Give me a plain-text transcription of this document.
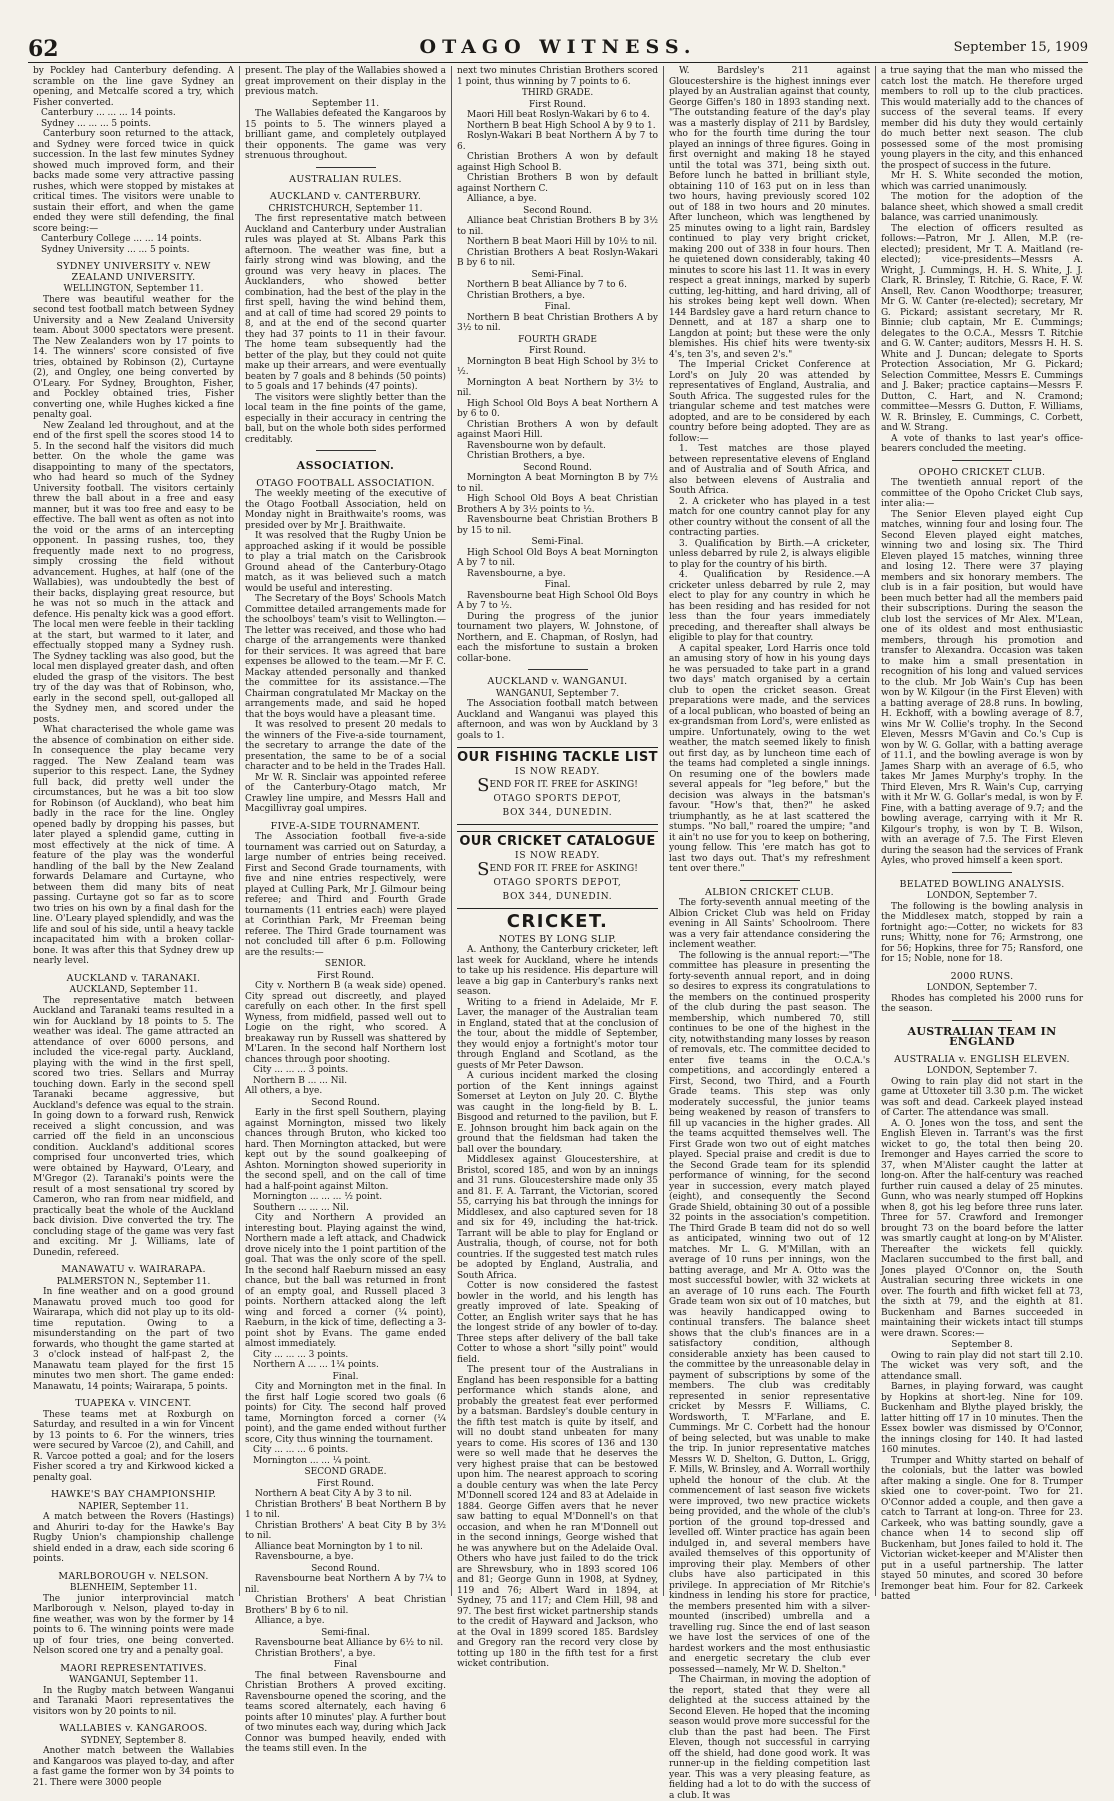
62	OTAGO WITNESS.	September 15, 1909

by Pockley had Canterbury defending. A scramble on the line gave Sydney an opening, and Metcalfe scored a try, which Fisher converted.

Canterbury ... ... ... 14 points.
Sydney ... ... ... 5 points.

Canterbury soon returned to the attack, and Sydney were forced twice in quick succession. In the last few minutes Sydney showed much improved form, and their backs made some very attractive passing rushes, which were stopped by mistakes at critical times. The visitors were unable to sustain their effort, and when the game ended they were still defending, the final score being:—

Canterbury College ... ... 14 points.
Sydney University ... ... 5 points.
SYDNEY UNIVERSITY v. NEW ZEALAND UNIVERSITY.
WELLINGTON, September 11.

There was beautiful weather for the second test football match between Sydney University and a New Zealand University team. About 3000 spectators were present. The New Zealanders won by 17 points to 14. The winners' score consisted of five tries, obtained by Robinson (2), Curtayne (2), and Ongley, one being converted by O'Leary. For Sydney, Broughton, Fisher, and Pockley obtained tries, Fisher converting one, while Hughes kicked a fine penalty goal.

New Zealand led throughout, and at the end of the first spell the scores stood 14 to 5. In the second half the visitors did much better. On the whole the game was disappointing to many of the spectators, who had heard so much of the Sydney University football. The visitors certainly threw the ball about in a free and easy manner, but it was too free and easy to be effective. The ball went as often as not into the void or the arms of an intercepting opponent. In passing rushes, too, they frequently made next to no progress, simply crossing the field without advancement. Hughes, at half (one of the Wallabies), was undoubtedly the best of their backs, displaying great resource, but he was not so much in the attack and defence. His penalty kick was a good effort. The local men were feeble in their tackling at the start, but warmed to it later, and effectually stopped many a Sydney rush. The Sydney tackling was also good, but the local men displayed greater dash, and often eluded the grasp of the visitors. The best try of the day was that of Robinson, who, early in the second spell, out-galloped all the Sydney men, and scored under the posts.

What characterised the whole game was the absence of combination on either side. In consequence the play became very ragged. The New Zealand team was superior to this respect. Lane, the Sydney full back, did pretty well under the circumstances, but he was a bit too slow for Robinson (of Auckland), who beat him badly in the race for the line. Ongley opened badly by dropping his passes, but later played a splendid game, cutting in most effectively at the nick of time. A feature of the play was the wonderful handling of the ball by the New Zealand forwards Delamare and Curtayne, who between them did many bits of neat passing. Curtayne got so far as to score two tries on his own by a final dash for the line. O'Leary played splendidly, and was the life and soul of his side, until a heavy tackle incapacitated him with a broken collar-bone. It was after this that Sydney drew up nearly level.

AUCKLAND v. TARANAKI.
AUCKLAND, September 11.

The representative match between Auckland and Taranaki teams resulted in a win for Auckland by 18 points to 5. The weather was ideal. The game attracted an attendance of over 6000 persons, and included the vice-regal party. Auckland, playing with the wind in the first spell, scored two tries. Sellars and Murray touching down. Early in the second spell Taranaki became aggressive, but Auckland's defence was equal to the strain. In going down to a forward rush, Renwick received a slight concussion, and was carried off the field in an unconscious condition. Auckland's additional scores comprised four unconverted tries, which were obtained by Hayward, O'Leary, and M'Gregor (2). Taranaki's points were the result of a most sensational try scored by Cameron, who ran from near midfield, and practically beat the whole of the Auckland back division. Dive converted the try. The concluding stage of the game was very fast and exciting. Mr J. Williams, late of Dunedin, refereed.

MANAWATU v. WAIRARAPA.
PALMERSTON N., September 11.

In fine weather and on a good ground Manawatu proved much too good for Wairarapa, which did not play up to its old-time reputation. Owing to a misunderstanding on the part of two forwards, who thought the game started at 3 o'clock instead of half-past 2, the Manawatu team played for the first 15 minutes two men short. The game ended: Manawatu, 14 points; Wairarapa, 5 points.

TUAPEKA v. VINCENT.

These teams met at Roxburgh on Saturday, and resulted in a win for Vincent by 13 points to 6. For the winners, tries were secured by Varcoe (2), and Cahill, and R. Varcoe potted a goal; and for the losers Fisher scored a try and Kirkwood kicked a penalty goal.

HAWKE'S BAY CHAMPIONSHIP.
NAPIER, September 11.

A match between the Rovers (Hastings) and Ahuriri to-day for the Hawke's Bay Rugby Union's championship challenge shield ended in a draw, each side scoring 6 points.

MARLBOROUGH v. NELSON.
BLENHEIM, September 11.

The junior interprovincial match Marlborough v. Nelson, played to-day in fine weather, was won by the former by 14 points to 6. The winning points were made up of four tries, one being converted. Nelson scored one try and a penalty goal.

MAORI REPRESENTATIVES.
WANGANUI, September 11.

In the Rugby match between Wanganui and Taranaki Maori representatives the visitors won by 20 points to nil.

WALLABIES v. KANGAROOS.
SYDNEY, September 8.

Another match between the Wallabies and Kangaroos was played to-day, and after a fast game the former won by 34 points to 21. There were 3000 people

present. The play of the Wallabies showed a great improvement on their display in the previous match.

September 11.

The Wallabies defeated the Kangaroos by 15 points to 5. The winners played a brilliant game, and completely outplayed their opponents. The game was very strenuous throughout.

AUSTRALIAN RULES.
AUCKLAND v. CANTERBURY.
CHRISTCHURCH, September 11.

The first representative match between Auckland and Canterbury under Australian rules was played at St. Albans Park this afternoon. The weather was fine, but a fairly strong wind was blowing, and the ground was very heavy in places. The Aucklanders, who showed better combination, had the best of the play in the first spell, having the wind behind them, and at call of time had scored 29 points to 8, and at the end of the second quarter they had 37 points to 11 in their favour. The home team subsequently had the better of the play, but they could not quite make up their arrears, and were eventually beaten by 7 goals and 8 behinds (50 points) to 5 goals and 17 behinds (47 points).

The visitors were slightly better than the local team in the fine points of the game, especially in their accuracy in centring the ball, but on the whole both sides performed creditably.

ASSOCIATION.
OTAGO FOOTBALL ASSOCIATION.

The weekly meeting of the executive of the Otago Football Association, held on Monday night in Braithwaite's rooms, was presided over by Mr J. Braithwaite.

It was resolved that the Rugby Union be approached asking if it would be possible to play a trial match on the Carisbrook Ground ahead of the Canterbury-Otago match, as it was believed such a match would be useful and interesting.

The Secretary of the Boys' Schools Match Committee detailed arrangements made for the schoolboys' team's visit to Wellington.—The letter was received, and those who had charge of the arrangements were thanked for their services. It was agreed that bare expenses be allowed to the team.—Mr F. C. Mackay attended personally and thanked the committee for its assistance.—The Chairman congratulated Mr Mackay on the arrangements made, and said he hoped that the boys would have a pleasant time.

It was resolved to present 20 medals to the winners of the Five-a-side tournament, the secretary to arrange the date of the presentation, the same to be of a social character and to be held in the Trades Hall.

Mr W. R. Sinclair was appointed referee of the Canterbury-Otago match, Mr Crawley line umpire, and Messrs Hall and Macgillivray goal umpires.

FIVE-A-SIDE TOURNAMENT.

The Association football five-a-side tournament was carried out on Saturday, a large number of entries being received. First and Second Grade tournaments, with five and nine entries respectively, were played at Culling Park, Mr J. Gilmour being referee; and Third and Fourth Grade tournaments (11 entries each) were played at Corinthian Park, Mr Freeman being referee. The Third Grade tournament was not concluded till after 6 p.m. Following are the results:—

SENIOR.
First Round.

City v. Northern B (a weak side) opened. City spread out discreetly, and played carefully on each other. In the first spell Wyness, from midfield, passed well out to Logie on the right, who scored. A breakaway run by Russell was shattered by M'Laren. In the second half Northern lost chances through poor shooting.

City ... ... ... 3 points.
Northern B ... ... Nil.

All others, a bye.

Second Round.

Early in the first spell Southern, playing against Mornington, missed two likely chances through Bruton, who kicked too hard. Then Mornington attacked, but were kept out by the sound goalkeeping of Ashton. Mornington showed superiority in the second spell, and on the call of time had a half-point against Milton.

Mornington ... ... ... ½ point.
Southern ... ... ... Nil.

City and Northern A provided an interesting bout. Playing against the wind, Northern made a left attack, and Chadwick drove nicely into the 1 point partition of the goal. That was the only score of the spell. In the second half Raeburn missed an easy chance, but the ball was returned in front of an empty goal, and Russell placed 3 points. Northern attacked along the left wing and forced a corner (¼ point), Raeburn, in the kick of time, deflecting a 3-point shot by Evans. The game ended almost immediately.

City ... ... ... 3 points.
Northern A ... ... 1¼ points.
Final.

City and Mornington met in the final. In the first half Logie scored two goals (6 points) for City. The second half proved tame, Mornington forced a corner (¼ point), and the game ended without further score, City thus winning the tournament.

City ... ... ... 6 points.
Mornington ... ... ¼ point.
SECOND GRADE.
First Round.

Northern A beat City A by 3 to nil.

Christian Brothers' B beat Northern B by 1 to nil.

Christian Brothers' A beat City B by 3½ to nil.

Alliance beat Mornington by 1 to nil.

Ravensbourne, a bye.

Second Round.

Ravensbourne beat Northern A by 7¼ to nil.

Christian Brothers' A beat Christian Brothers' B by 6 to nil.

Alliance, a bye.

Semi-final.

Ravensbourne beat Alliance by 6½ to nil.

Christian Brothers', a bye.

Final

The final between Ravensbourne and Christian Brothers A proved exciting. Ravensbourne opened the scoring, and the teams scored alternately, each having 6 points after 10 minutes' play. A further bout of two minutes each way, during which Jack Connor was bumped heavily, ended with the teams still even. In the

next two minutes Christian Brothers scored 1 point, thus winning by 7 points to 6.

THIRD GRADE.
First Round.

Maori Hill beat Roslyn-Wakari by 6 to 4.

Northern B beat High School A by 9 to 1.

Roslyn-Wakari B beat Northern A by 7 to 6.

Christian Brothers A won by default against High School B.

Christian Brothers B won by default against Northern C.

Alliance, a bye.

Second Round.

Alliance beat Christian Brothers B by 3½ to nil.

Northern B beat Maori Hill by 10½ to nil.

Christian Brothers A beat Roslyn-Wakari B by 6 to nil.

Semi-Final.

Northern B beat Alliance by 7 to 6.

Christian Brothers, a bye.

Final.

Northern B beat Christian Brothers A by 3½ to nil.

FOURTH GRADE
First Round.

Mornington B beat High School by 3½ to ½.

Mornington A beat Northern by 3½ to nil.

High School Old Boys A beat Northern A by 6 to 0.

Christian Brothers A won by default against Maori Hill.

Ravensbourne won by default.

Christian Brothers, a bye.

Second Round.

Mornington A beat Mornington B by 7½ to nil.

High School Old Boys A beat Christian Brothers A by 3½ points to ½.

Ravensbourne beat Christian Brothers B by 15 to nil.

Semi-Final.

High School Old Boys A beat Mornington A by 7 to nil.

Ravensbourne, a bye.

Final.

Ravensbourne beat High School Old Boys A by 7 to ½.

During the progress of the junior tournament two players, W. Johnstone, of Northern, and E. Chapman, of Roslyn, had each the misfortune to sustain a broken collar-bone.

AUCKLAND v. WANGANUI.
WANGANUI, September 7.

The Association football match between Auckland and Wanganui was played this afternoon, and was won by Auckland by 3 goals to 1.

OUR FISHING TACKLE LIST
IS NOW READY.
SEND FOR IT. FREE for ASKING!
OTAGO SPORTS DEPOT,
BOX 344, DUNEDIN.
OUR CRICKET CATALOGUE
IS NOW READY.
SEND FOR IT. FREE for ASKING!
OTAGO SPORTS DEPOT,
BOX 344, DUNEDIN.
CRICKET.
NOTES BY LONG SLIP.

A. Anthony, the Canterbury cricketer, left last week for Auckland, where he intends to take up his residence. His departure will leave a big gap in Canterbury's ranks next season.

Writing to a friend in Adelaide, Mr F. Laver, the manager of the Australian team in England, stated that at the conclusion of the tour, about the middle of September, they would enjoy a fortnight's motor tour through England and Scotland, as the guests of Mr Peter Dawson.

A curious incident marked the closing portion of the Kent innings against Somerset at Leyton on July 20. C. Blythe was caught in the long-field by B. L. Bisgood and returned to the pavilion, but F. E. Johnson brought him back again on the ground that the fieldsman had taken the ball over the boundary.

Middlesex against Gloucestershire, at Bristol, scored 185, and won by an innings and 31 runs. Gloucestershire made only 35 and 81. F. A. Tarrant, the Victorian, scored 55, carrying his bat through the innings for Middlesex, and also captured seven for 18 and six for 49, including the hat-trick. Tarrant will be able to play for England or Australia, though, of course, not for both countries. If the suggested test match rules be adopted by England, Australia, and South Africa.

Cotter is now considered the fastest bowler in the world, and his length has greatly improved of late. Speaking of Cotter, an English writer says that he has the longest stride of any bowler of to-day. Three steps after delivery of the ball take Cotter to whose a short "silly point" would field.

The present tour of the Australians in England has been responsible for a batting performance which stands alone, and probably the greatest feat ever performed by a batsman. Bardsley's double century in the fifth test match is quite by itself, and will no doubt stand unbeaten for many years to come. His scores of 136 and 130 were so well made that he deserves the very highest praise that can be bestowed upon him. The nearest approach to scoring a double century was when the late Percy M'Donnell scored 124 and 83 at Adelaide in 1884. George Giffen avers that he never saw batting to equal M'Donnell's on that occasion, and when he ran M'Donnell out in the second innings, George wished that he was anywhere but on the Adelaide Oval. Others who have just failed to do the trick are Shrewsbury, who in 1893 scored 106 and 81; George Gunn in 1908, at Sydney, 119 and 76; Albert Ward in 1894, at Sydney, 75 and 117; and Clem Hill, 98 and 97. The best first wicket partnership stands to the credit of Hayward and Jackson, who at the Oval in 1899 scored 185. Bardsley and Gregory ran the record very close by totting up 180 in the fifth test for a first wicket contribution.

W. Bardsley's 211 against Gloucestershire is the highest innings ever played by an Australian against that county, George Giffen's 180 in 1893 standing next. "The outstanding feature of the day's play was a masterly display of 211 by Bardsley, who for the fourth time during the tour played an innings of three figures. Going in first overnight and making 18 he stayed until the total was 371, being sixth out. Before lunch he batted in brilliant style, obtaining 110 of 163 put on in less than two hours, having previously scored 102 out of 188 in two hours and 20 minutes. After luncheon, which was lengthened by 25 minutes owing to a light rain, Bardsley continued to play very bright cricket, making 200 out of 338 in four hours. Then he quietened down considerably, taking 40 minutes to score his last 11. It was in every respect a great innings, marked by superb cutting, leg-hitting, and hard driving, all of his strokes being kept well down. When 144 Bardsley gave a hard return chance to Dennett, and at 187 a sharp one to Langdon at point; but these were the only blemishes. His chief hits were twenty-six 4's, ten 3's, and seven 2's."

The Imperial Cricket Conference at Lord's on July 20 was attended by representatives of England, Australia, and South Africa. The suggested rules for the triangular scheme and test matches were adopted, and are to be considered by each country before being adopted. They are as follow:—

1. Test matches are those played between representative elevens of England and of Australia and of South Africa, and also between elevens of Australia and South Africa.

2. A cricketer who has played in a test match for one country cannot play for any other country without the consent of all the contracting parties.

3. Qualification by Birth.—A cricketer, unless debarred by rule 2, is always eligible to play for the country of his birth.

4. Qualification by Residence.—A cricketer unless debarred by rule 2, may elect to play for any country in which he has been residing and has resided for not less than the four years immediately preceding, and thereafter shall always be eligible to play for that country.

A capital speaker, Lord Harris once told an amusing story of how in his young days he was persuaded to take part in a grand two days' match organised by a certain club to open the cricket season. Great preparations were made, and the services of a local publican, who boasted of being an ex-grandsman from Lord's, were enlisted as umpire. Unfortunately, owing to the wet weather, the match seemed likely to finish out first day, as by luncheon time each of the teams had completed a single innings. On resuming one of the bowlers made several appeals for "leg before," but the decision was always in the batsman's favour. "How's that, then?" he asked triumphantly, as he at last scattered the stumps. "No ball," roared the umpire; "and it ain't no use for you to keep on bothering, young fellow. This 'ere match has got to last two days out. That's my refreshment tent over there."

ALBION CRICKET CLUB.

The forty-seventh annual meeting of the Albion Cricket Club was held on Friday evening in All Saints' Schoolroom. There was a very fair attendance considering the inclement weather.

The following is the annual report:—"The committee has pleasure in presenting the forty-seventh annual report, and in doing so desires to express its congratulations to the members on the continued prosperity of the club during the past season. The membership, which numbered 70, still continues to be one of the highest in the city, notwithstanding many losses by reason of removals, etc. The committee decided to enter five teams in the O.C.A.'s competitions, and accordingly entered a First, Second, two Third, and a Fourth Grade teams. This step was only moderately successful, the junior teams being weakened by reason of transfers to fill up vacancies in the higher grades. All the teams acquitted themselves well. The First Grade won two out of eight matches played. Special praise and credit is due to the Second Grade team for its splendid performance of winning, for the second year in succession, every match played (eight), and consequently the Second Grade Shield, obtaining 30 out of a possible 32 points in the association's competition. The Third Grade B team did not do so well as anticipated, winning two out of 12 matches. Mr L. G. M'Millan, with an average of 10 runs per innings, won the batting average, and Mr A. Otto was the most successful bowler, with 32 wickets at an average of 10 runs each. The Fourth Grade team won six out of 10 matches, but was heavily handicapped owing to continual transfers. The balance sheet shows that the club's finances are in a satisfactory condition, although considerable anxiety has been caused to the committee by the unreasonable delay in payment of subscriptions by some of the members. The club was creditably represented in senior representative cricket by Messrs F. Williams, C. Wordsworth, T. M'Farlane, and E. Cummings. Mr C. Corbett had the honour of being selected, but was unable to make the trip. In junior representative matches Messrs W. D. Shelton, G. Dutton, L. Grigg, F. Mills, W. Brinsley, and A. Worrall worthily upheld the honour of the club. At the commencement of last season five wickets were improved, two new practice wickets being provided, and the whole of the club's portion of the ground top-dressed and levelled off. Winter practice has again been indulged in, and several members have availed themselves of this opportunity of improving their play. Members of other clubs have also participated in this privilege. In appreciation of Mr Ritchie's kindness in lending his store for practice, the members presented him with a silver-mounted (inscribed) umbrella and a travelling rug. Since the end of last season we have lost the services of one of the hardest workers and the most enthusiastic and energetic secretary the club ever possessed—namely, Mr W. D. Shelton."

The Chairman, in moving the adoption of the report, stated that they were all delighted at the success attained by the Second Eleven. He hoped that the incoming season would prove more successful for the club than the past had been. The First Eleven, though not successful in carrying off the shield, had done good work. It was runner-up in the fielding competition last year. This was a very pleasing feature, as fielding had a lot to do with the success of a club. It was

a true saying that the man who missed the catch lost the match. He therefore urged members to roll up to the club practices. This would materially add to the chances of success of the several teams. If every member did his duty they would certainly do much better next season. The club possessed some of the most promising young players in the city, and this enhanced the prospect of success in the future.

Mr H. S. White seconded the motion, which was carried unanimously.

The motion for the adoption of the balance sheet, which showed a small credit balance, was carried unanimously.

The election of officers resulted as follows:—Patron, Mr J. Allen, M.P. (re-elected); president, Mr T. A. Maitland (re-elected); vice-presidents—Messrs A. Wright, J. Cummings, H. H. S. White, J. J. Clark, R. Brinsley, T. Ritchie, G. Race, F. W. Ansell, Rev. Canon Woodthorpe; treasurer, Mr G. W. Canter (re-elected); secretary, Mr G. Pickard; assistant secretary, Mr R. Binnie; club captain, Mr E. Cummings; delegates to the O.C.A., Messrs T. Ritchie and G. W. Canter; auditors, Messrs H. H. S. White and J. Duncan; delegate to Sports Protection Association, Mr G. Pickard; Selection Committee, Messrs E. Cummings and J. Baker; practice captains—Messrs F. Dutton, C. Hart, and N. Cramond; committee—Messrs G. Dutton, F. Williams, W. R. Brinsley, E. Cummings, C. Corbett, and W. Strang.

A vote of thanks to last year's office-bearers concluded the meeting.

OPOHO CRICKET CLUB.

The twentieth annual report of the committee of the Opoho Cricket Club says, inter alia:—

The Senior Eleven played eight Cup matches, winning four and losing four. The Second Eleven played eight matches, winning two and losing six. The Third Eleven played 15 matches, winning three and losing 12. There were 37 playing members and six honorary members. The club is in a fair position, but would have been much better had all the members paid their subscriptions. During the season the club lost the services of Mr Alex. M'Lean, one of its oldest and most enthusiastic members, through his promotion and transfer to Alexandra. Occasion was taken to make him a small presentation in recognition of his long and valued services to the club. Mr Job Wain's Cup has been won by W. Kilgour (in the First Eleven) with a batting average of 28.8 runs. In bowling, H. Eckhoff, with a bowling average of 8.7, wins Mr W. Collie's trophy. In the Second Eleven, Messrs M'Gavin and Co.'s Cup is won by W. G. Gollar, with a batting average of 11.1, and the bowling average is won by James Sharp with an average of 6.5, who takes Mr James Murphy's trophy. In the Third Eleven, Mrs R. Wain's Cup, carrying with it Mr W. G. Gollar's medal, is won by F. Fine, with a batting average of 9.7; and the bowling average, carrying with it Mr R. Kilgour's trophy, is won by T. B. Wilson, with an average of 7.5. The First Eleven during the season had the services of Frank Ayles, who proved himself a keen sport.

BELATED BOWLING ANALYSIS.
LONDON, September 7.

The following is the bowling analysis in the Middlesex match, stopped by rain a fortnight ago:—Cotter, no wickets for 83 runs; Whitty, none for 76; Armstrong, one for 56; Hopkins, three for 75; Ransford, one for 15; Noble, none for 18.

2000 RUNS.
LONDON, September 7.

Rhodes has completed his 2000 runs for the season.

AUSTRALIAN TEAM IN ENGLAND
AUSTRALIA v. ENGLISH ELEVEN.
LONDON, September 7.

Owing to rain play did not start in the game at Uttoxeter till 3.30 p.m. The wicket was soft and dead. Carkeek played instead of Carter. The attendance was small.

A. O. Jones won the toss, and sent the English Eleven in. Tarrant's was the first wicket to go, the total then being 20. Iremonger and Hayes carried the score to 37, when M'Alister caught the latter at long-on. After the half-century was reached further ruin caused a delay of 25 minutes. Gunn, who was nearly stumped off Hopkins when 8, got his leg before three runs later. Three for 57. Crawford and Iremonger brought 73 on the board before the latter was smartly caught at long-on by M'Alister. Thereafter the wickets fell quickly. Maclaren succumbed to the first ball, and Jones played O'Connor on, the South Australian securing three wickets in one over. The fourth and fifth wicket fell at 73, the sixth at 79, and the eighth at 81. Buckenham and Barnes succeeded in maintaining their wickets intact till stumps were drawn. Scores:—

September 8.

Owing to rain play did not start till 2.10. The wicket was very soft, and the attendance small.

Barnes, in playing forward, was caught by Hopkins at short-leg. Nine for 109. Buckenham and Blythe played briskly, the latter hitting off 17 in 10 minutes. Then the Essex bowler was dismissed by O'Connor, the innings closing for 140. It had lasted 160 minutes.

Trumper and Whitty started on behalf of the colonials, but the latter was bowled after making a single. One for 8. Trumper skied one to cover-point. Two for 21. O'Connor added a couple, and then gave a catch to Tarrant at long-on. Three for 23. Carkeek, who was batting soundly, gave a chance when 14 to second slip off Buckenham, but Jones failed to hold it. The Victorian wicket-keeper and M'Alister then put in a useful partnership. The latter stayed 50 minutes, and scored 30 before Iremonger beat him. Four for 82. Carkeek batted
